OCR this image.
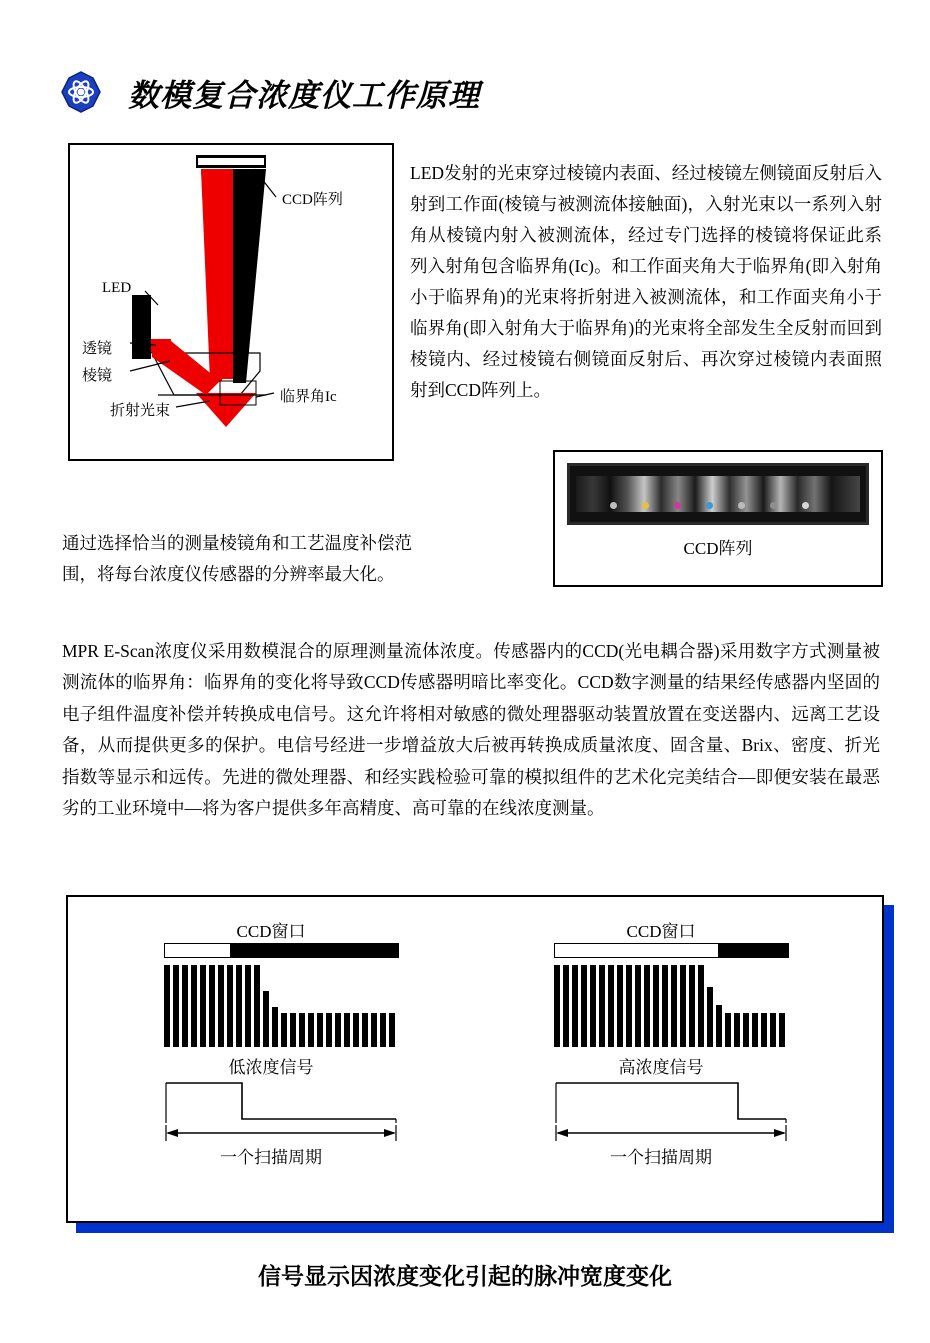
数模复合浓度仪工作原理
CCD阵列
LED
透镜
棱镜
临界角Ic
折射光束

LED发射的光束穿过棱镜内表面、经过棱镜左侧镜面反射后入射到工作面(棱镜与被测流体接触面)，入射光束以一系列入射角从棱镜内射入被测流体，经过专门选择的棱镜将保证此系列入射角包含临界角(Ic)。和工作面夹角大于临界角(即入射角小于临界角)的光束将折射进入被测流体，和工作面夹角小于临界角(即入射角大于临界角)的光束将全部发生全反射而回到棱镜内、经过棱镜右侧镜面反射后、再次穿过棱镜内表面照射到CCD阵列上。

通过选择恰当的测量棱镜角和工艺温度补偿范围，将每台浓度仪传感器的分辨率最大化。

CCD阵列

MPR E-Scan浓度仪采用数模混合的原理测量流体浓度。传感器内的CCD(光电耦合器)采用数字方式测量被测流体的临界角：临界角的变化将导致CCD传感器明暗比率变化。CCD数字测量的结果经传感器内坚固的电子组件温度补偿并转换成电信号。这允许将相对敏感的微处理器驱动装置放置在变送器内、远离工艺设备，从而提供更多的保护。电信号经进一步增益放大后被再转换成质量浓度、固含量、Brix、密度、折光指数等显示和远传。先进的微处理器、和经实践检验可靠的模拟组件的艺术化完美结合—即便安装在最恶劣的工业环境中—将为客户提供多年高精度、高可靠的在线浓度测量。

CCD窗口
低浓度信号
一个扫描周期
CCD窗口
高浓度信号
一个扫描周期
信号显示因浓度变化引起的脉冲宽度变化
